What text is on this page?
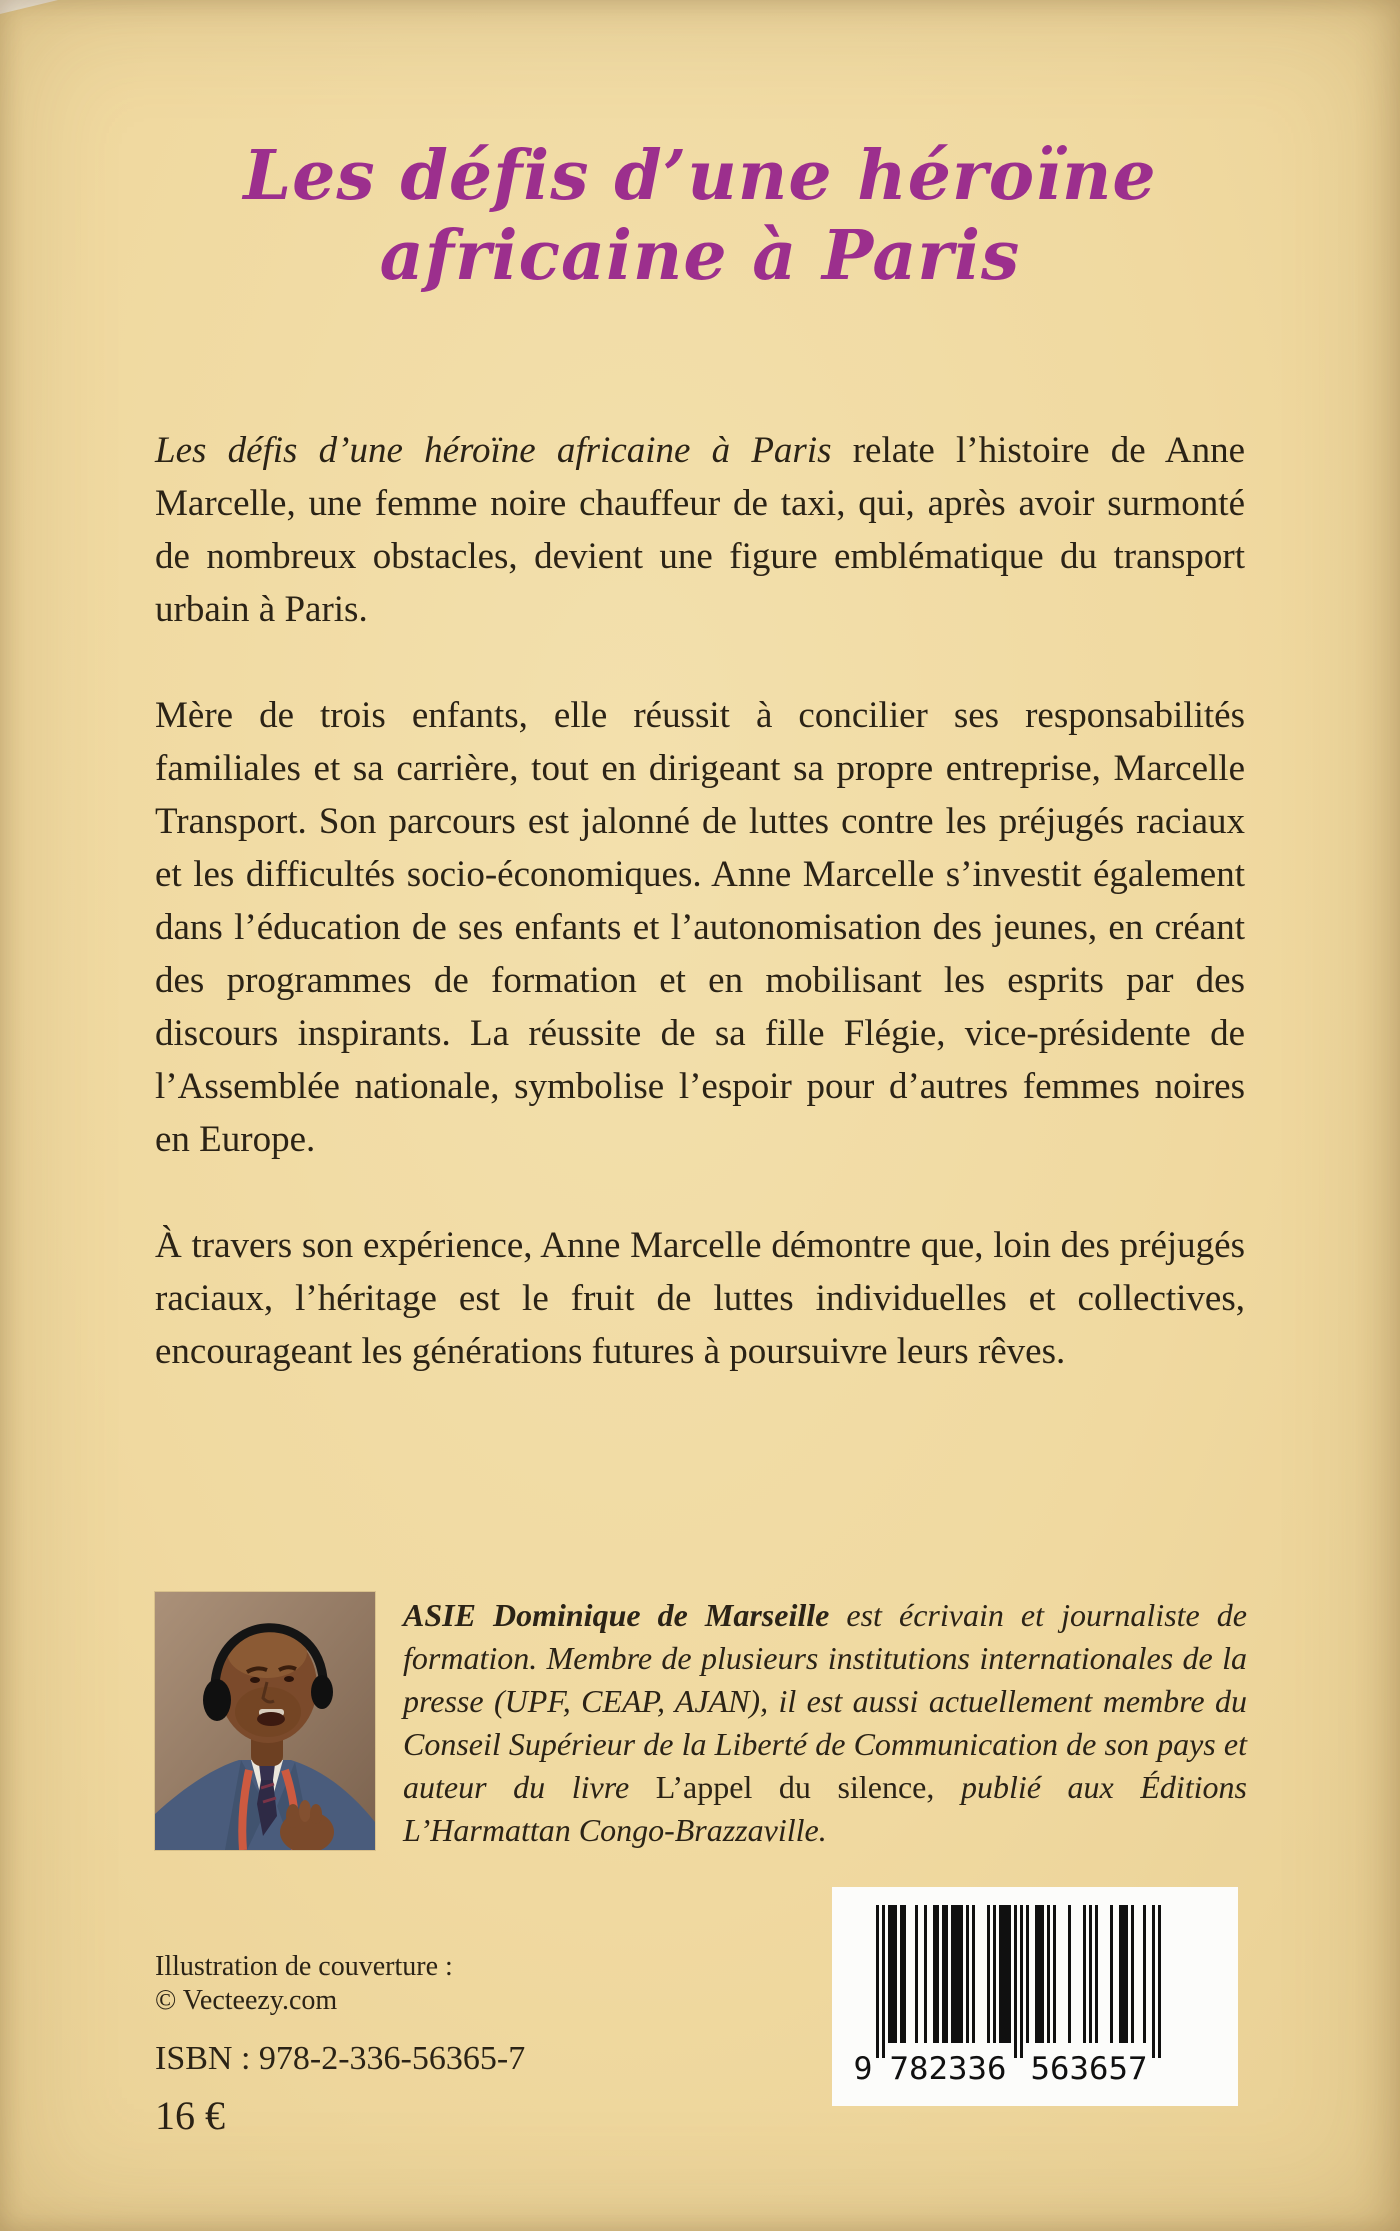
Les défis d’une héroïne
africaine à Paris

Les défis d’une héroïne africaine à Paris relate l’histoire de Anne Marcelle, une femme noire chauffeur de taxi, qui, après avoir surmonté de nombreux obstacles, devient une figure emblématique du transport urbain à Paris.

Mère de trois enfants, elle réussit à concilier ses responsabilités familiales et sa carrière, tout en dirigeant sa propre entreprise, Marcelle Transport. Son parcours est jalonné de luttes contre les préjugés raciaux et les difficultés socio-économiques. Anne Marcelle s’investit également dans l’éducation de ses enfants et l’autonomisation des jeunes, en créant des programmes de formation et en mobilisant les esprits par des discours inspirants. La réussite de sa fille Flégie, vice-présidente de l’Assemblée nationale, symbolise l’espoir pour d’autres femmes noires en Europe.

À travers son expérience, Anne Marcelle démontre que, loin des préjugés raciaux, l’héritage est le fruit de luttes individuelles et collectives, encourageant les générations futures à poursuivre leurs rêves.

ASIE Dominique de Marseille est écrivain et journaliste de formation. Membre de plusieurs institutions internationales de la presse (UPF, CEAP, AJAN), il est aussi actuellement membre du Conseil Supérieur de la Liberté de Communication de son pays et auteur du livre L’appel du silence, publié aux Éditions L’Harmattan Congo-Brazzaville.

Illustration de couverture :
© Vecteezy.com

ISBN : 978-2-336-56365-7

16 €

9 782336 563657
